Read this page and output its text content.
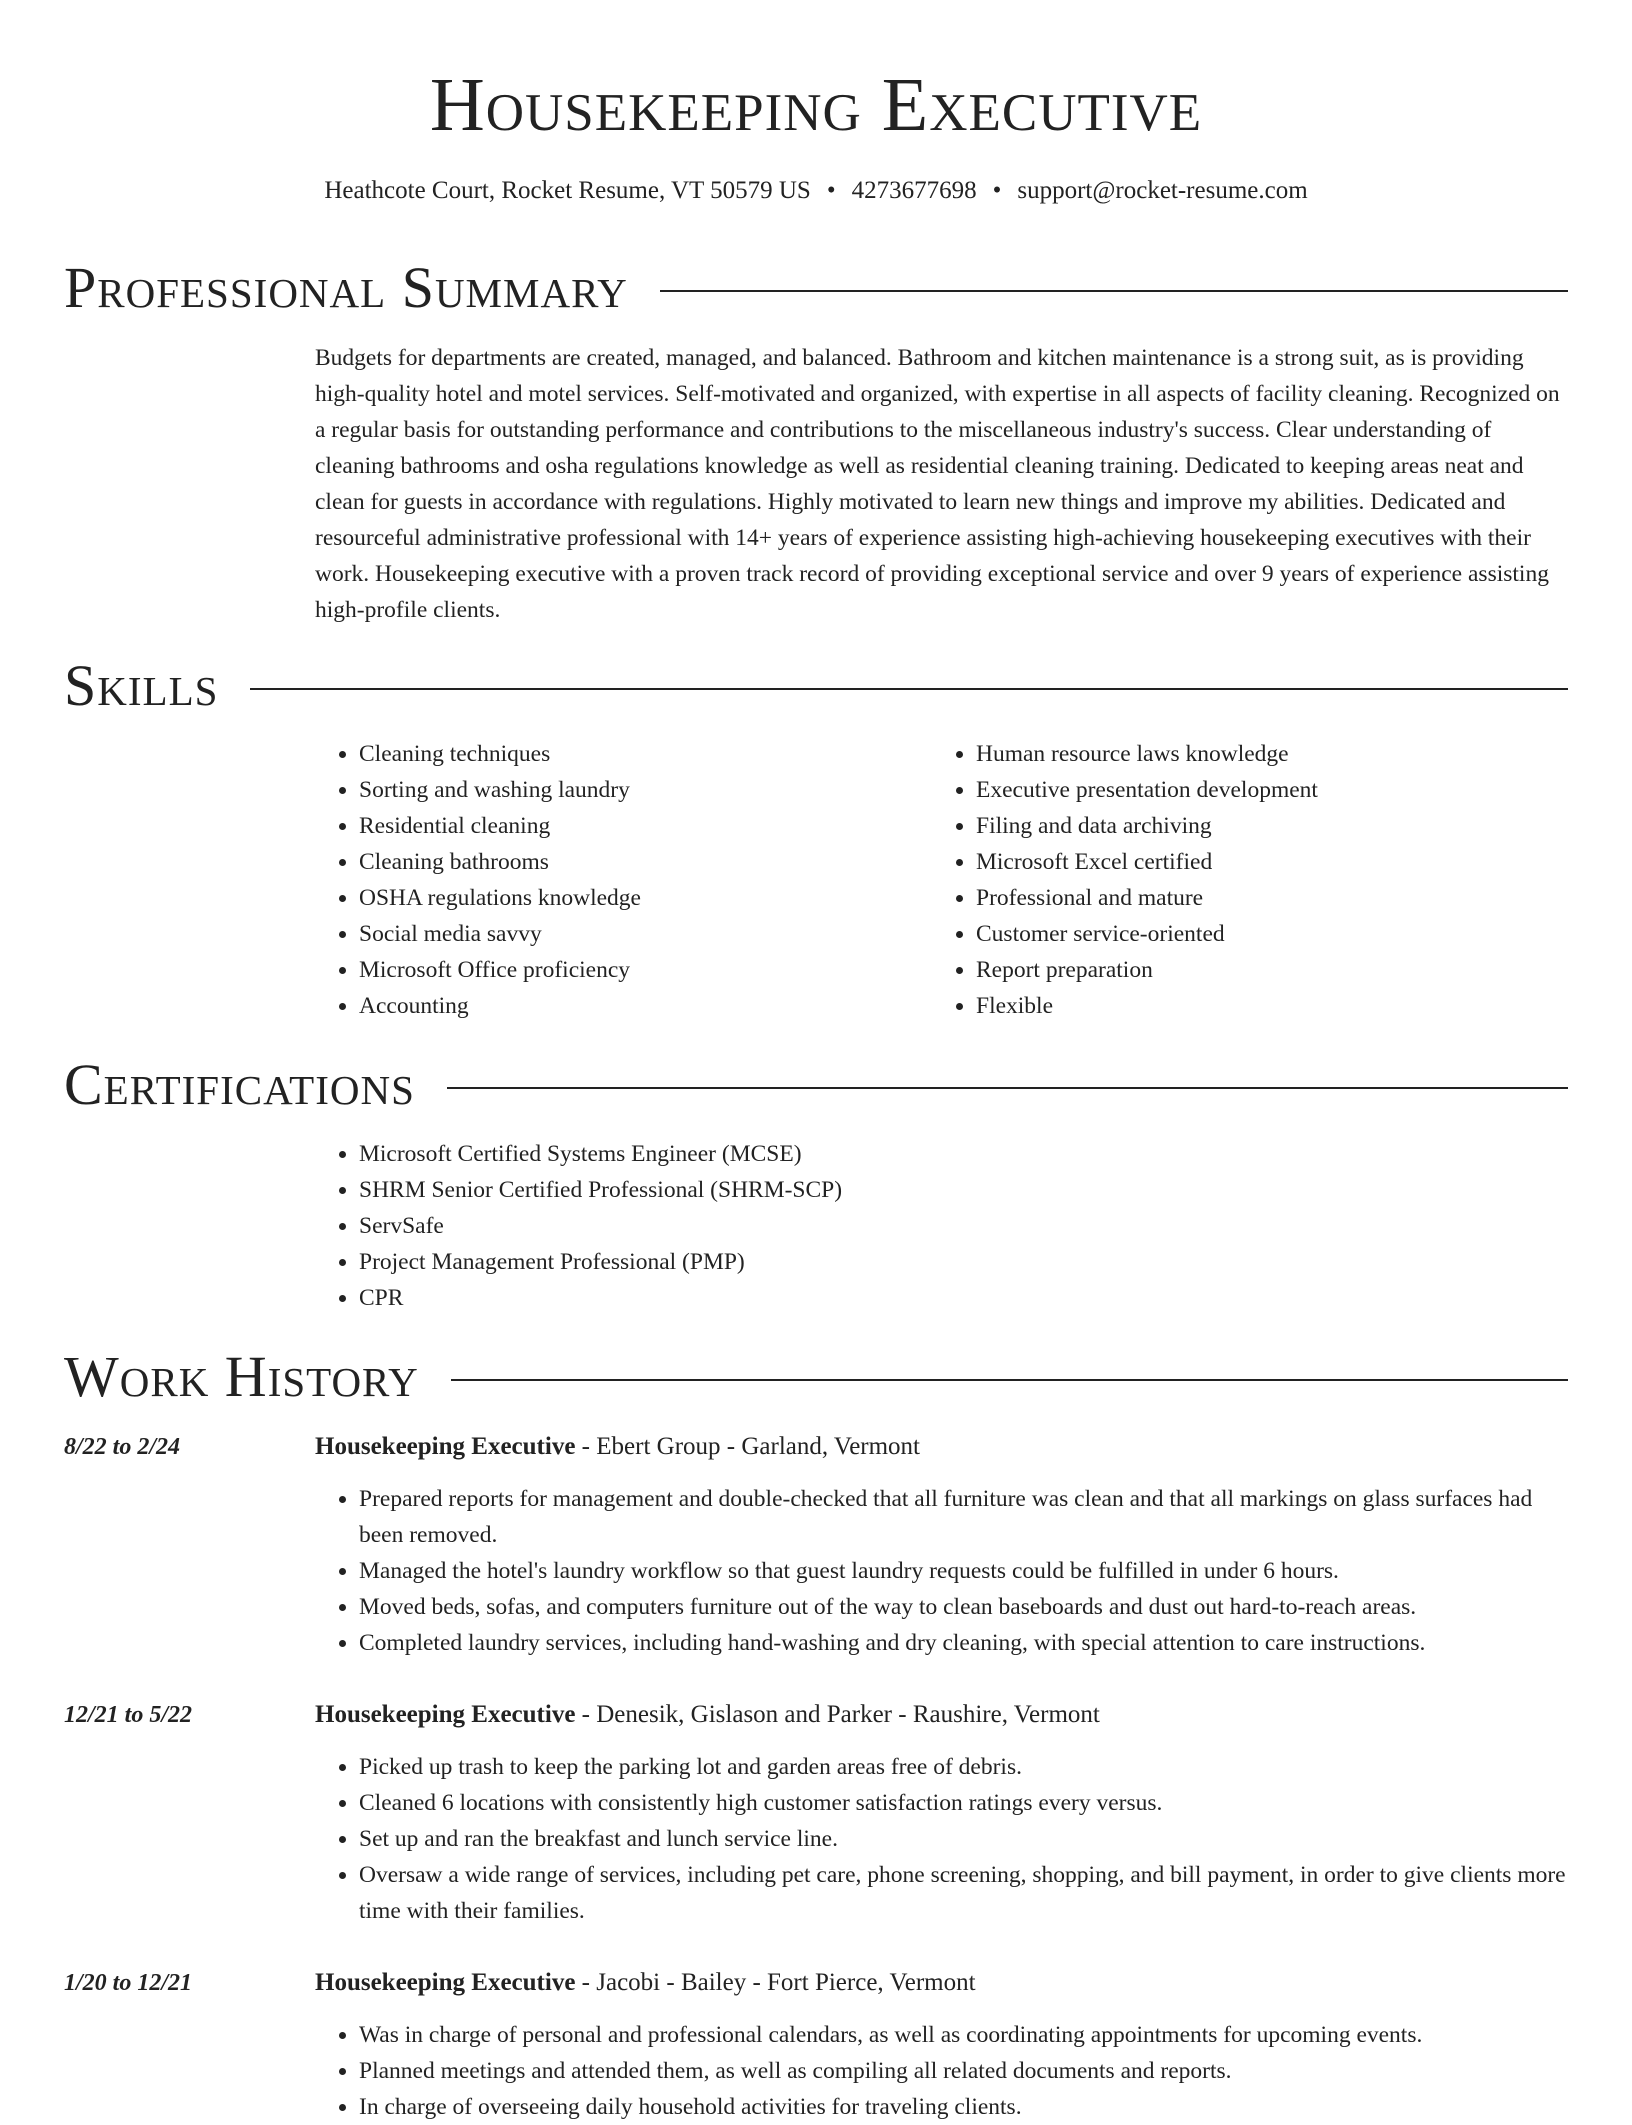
Housekeeping Executive
Heathcote Court, Rocket Resume, VT 50579 US • 4273677698 • support@rocket-resume.com
Professional Summary

Budgets for departments are created, managed, and balanced. Bathroom and kitchen maintenance is a strong suit, as is providing high-quality hotel and motel services. Self-motivated and organized, with expertise in all aspects of facility cleaning. Recognized on a regular basis for outstanding performance and contributions to the miscellaneous industry's success. Clear understanding of cleaning bathrooms and osha regulations knowledge as well as residential cleaning training. Dedicated to keeping areas neat and clean for guests in accordance with regulations. Highly motivated to learn new things and improve my abilities. Dedicated and resourceful administrative professional with 14+ years of experience assisting high-achieving housekeeping executives with their work. Housekeeping executive with a proven track record of providing exceptional service and over 9 years of experience assisting high-profile clients.

Skills
• Cleaning techniques
• Sorting and washing laundry
• Residential cleaning
• Cleaning bathrooms
• OSHA regulations knowledge
• Social media savvy
• Microsoft Office proficiency
• Accounting
• Human resource laws knowledge
• Executive presentation development
• Filing and data archiving
• Microsoft Excel certified
• Professional and mature
• Customer service-oriented
• Report preparation
• Flexible
Certifications
• Microsoft Certified Systems Engineer (MCSE)
• SHRM Senior Certified Professional (SHRM-SCP)
• ServSafe
• Project Management Professional (PMP)
• CPR
Work History
8/22 to 2/24	Housekeeping Executive - Ebert Group - Garland, Vermont
• Prepared reports for management and double-checked that all furniture was clean and that all markings on glass surfaces had been removed.
• Managed the hotel's laundry workflow so that guest laundry requests could be fulfilled in under 6 hours.
• Moved beds, sofas, and computers furniture out of the way to clean baseboards and dust out hard-to-reach areas.
• Completed laundry services, including hand-washing and dry cleaning, with special attention to care instructions.
12/21 to 5/22	Housekeeping Executive - Denesik, Gislason and Parker - Raushire, Vermont
• Picked up trash to keep the parking lot and garden areas free of debris.
• Cleaned 6 locations with consistently high customer satisfaction ratings every versus.
• Set up and ran the breakfast and lunch service line.
• Oversaw a wide range of services, including pet care, phone screening, shopping, and bill payment, in order to give clients more time with their families.
1/20 to 12/21	Housekeeping Executive - Jacobi - Bailey - Fort Pierce, Vermont
• Was in charge of personal and professional calendars, as well as coordinating appointments for upcoming events.
• Planned meetings and attended them, as well as compiling all related documents and reports.
• In charge of overseeing daily household activities for traveling clients.
